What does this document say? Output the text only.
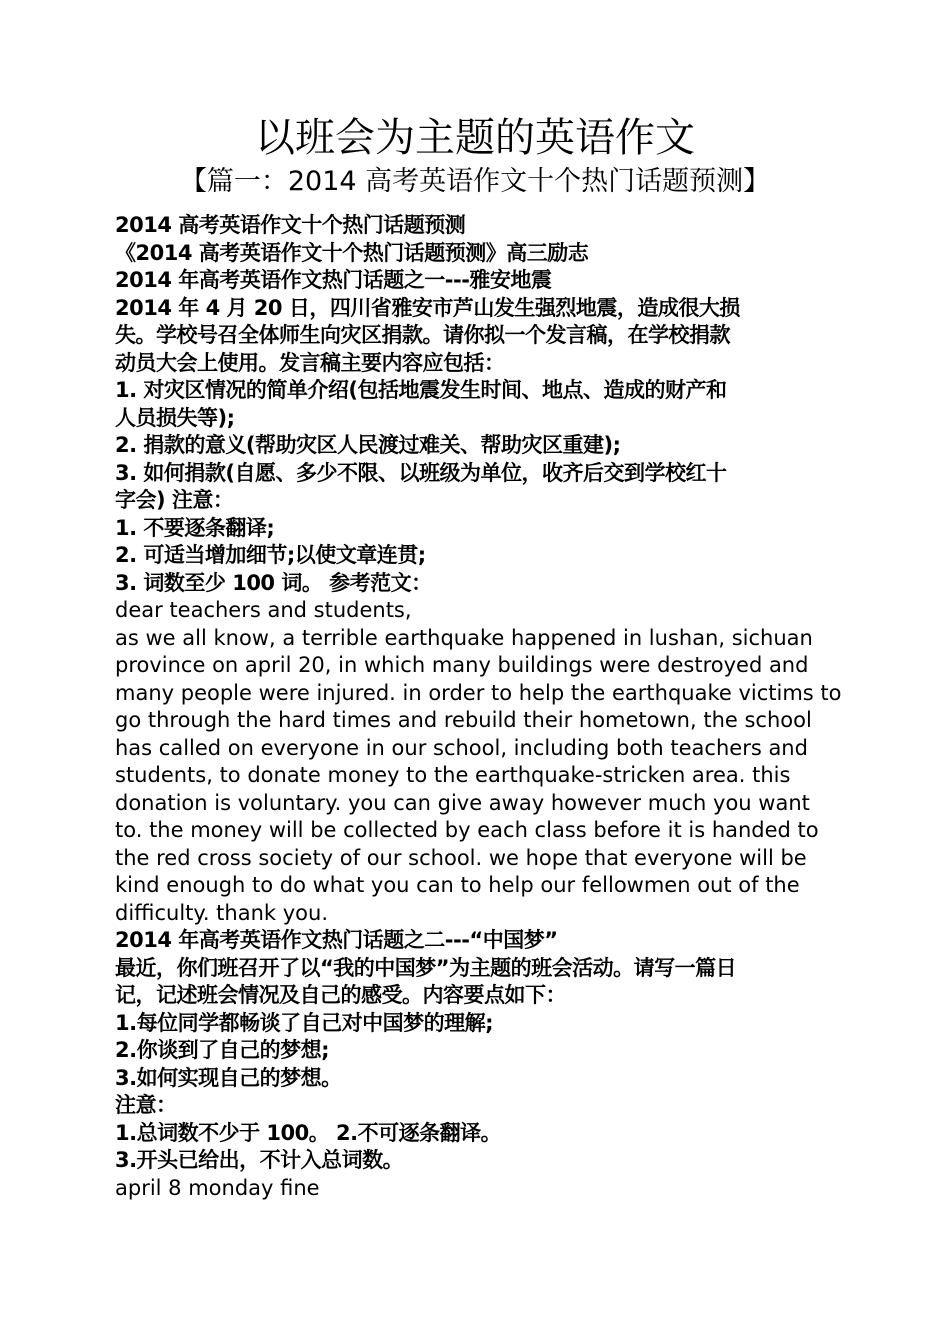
以班会为主题的英语作文
【篇一：2014 高考英语作文十个热门话题预测】
2014 高考英语作文十个热门话题预测
《2014 高考英语作文十个热门话题预测》高三励志
2014 年高考英语作文热门话题之一---雅安地震
2014 年 4 月 20 日，四川省雅安市芦山发生强烈地震，造成很大损
失。学校号召全体师生向灾区捐款。请你拟一个发言稿，在学校捐款
动员大会上使用。发言稿主要内容应包括：
1. 对灾区情况的简单介绍(包括地震发生时间、地点、造成的财产和
人员损失等);
2. 捐款的意义(帮助灾区人民渡过难关、帮助灾区重建);
3. 如何捐款(自愿、多少不限、以班级为单位，收齐后交到学校红十
字会) 注意：
1. 不要逐条翻译;
2. 可适当增加细节;以使文章连贯;
3. 词数至少 100 词。 参考范文：
dear teachers and students,
as we all know, a terrible earthquake happened in lushan, sichuan
province on april 20, in which many buildings were destroyed and
many people were injured. in order to help the earthquake victims to
go through the hard times and rebuild their hometown, the school
has called on everyone in our school, including both teachers and
students, to donate money to the earthquake-stricken area. this
donation is voluntary. you can give away however much you want
to. the money will be collected by each class before it is handed to
the red cross society of our school. we hope that everyone will be
kind enough to do what you can to help our fellowmen out of the
difficulty. thank you.
2014 年高考英语作文热门话题之二---“中国梦”
最近，你们班召开了以“我的中国梦”为主题的班会活动。请写一篇日
记，记述班会情况及自己的感受。内容要点如下：
1.每位同学都畅谈了自己对中国梦的理解;
2.你谈到了自己的梦想;
3.如何实现自己的梦想。
注意：
1.总词数不少于 100。 2.不可逐条翻译。
3.开头已给出，不计入总词数。
april 8 monday fine
